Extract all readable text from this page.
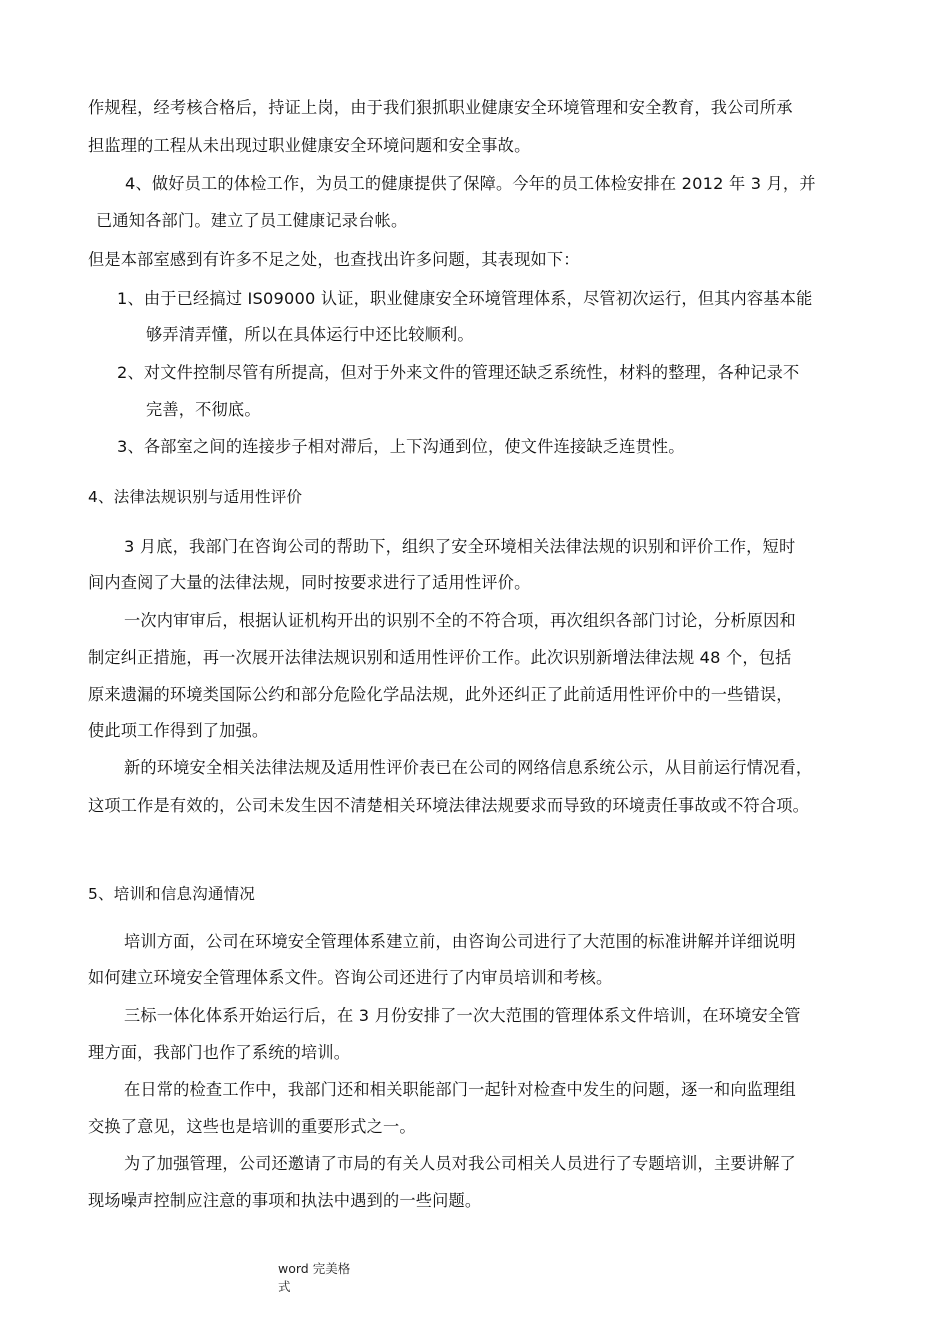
作规程，经考核合格后，持证上岗，由于我们狠抓职业健康安全环境管理和安全教育，我公司所承
担监理的工程从未出现过职业健康安全环境问题和安全事故。
4、做好员工的体检工作，为员工的健康提供了保障。今年的员工体检安排在 2012 年 3 月，并
已通知各部门。建立了员工健康记录台帐。
但是本部室感到有许多不足之处，也查找出许多问题，其表现如下：
1、由于已经搞过 IS09000 认证，职业健康安全环境管理体系，尽管初次运行，但其内容基本能
够弄清弄懂，所以在具体运行中还比较顺利。
2、对文件控制尽管有所提高，但对于外来文件的管理还缺乏系统性，材料的整理，各种记录不
完善，不彻底。
3、各部室之间的连接步子相对滞后，上下沟通到位，使文件连接缺乏连贯性。
4、法律法规识别与适用性评价
3 月底，我部门在咨询公司的帮助下，组织了安全环境相关法律法规的识别和评价工作，短时
间内查阅了大量的法律法规，同时按要求进行了适用性评价。
一次内审审后，根据认证机构开出的识别不全的不符合项，再次组织各部门讨论，分析原因和
制定纠正措施，再一次展开法律法规识别和适用性评价工作。此次识别新增法律法规 48 个，包括
原来遗漏的环境类国际公约和部分危险化学品法规，此外还纠正了此前适用性评价中的一些错误，
使此项工作得到了加强。
新的环境安全相关法律法规及适用性评价表已在公司的网络信息系统公示，从目前运行情况看，
这项工作是有效的，公司未发生因不清楚相关环境法律法规要求而导致的环境责任事故或不符合项。
5、培训和信息沟通情况
培训方面，公司在环境安全管理体系建立前，由咨询公司进行了大范围的标准讲解并详细说明
如何建立环境安全管理体系文件。咨询公司还进行了内审员培训和考核。
三标一体化体系开始运行后，在 3 月份安排了一次大范围的管理体系文件培训，在环境安全管
理方面，我部门也作了系统的培训。
在日常的检查工作中，我部门还和相关职能部门一起针对检查中发生的问题，逐一和向监理组
交换了意见，这些也是培训的重要形式之一。
为了加强管理，公司还邀请了市局的有关人员对我公司相关人员进行了专题培训，主要讲解了
现场噪声控制应注意的事项和执法中遇到的一些问题。
word 完美格
式
